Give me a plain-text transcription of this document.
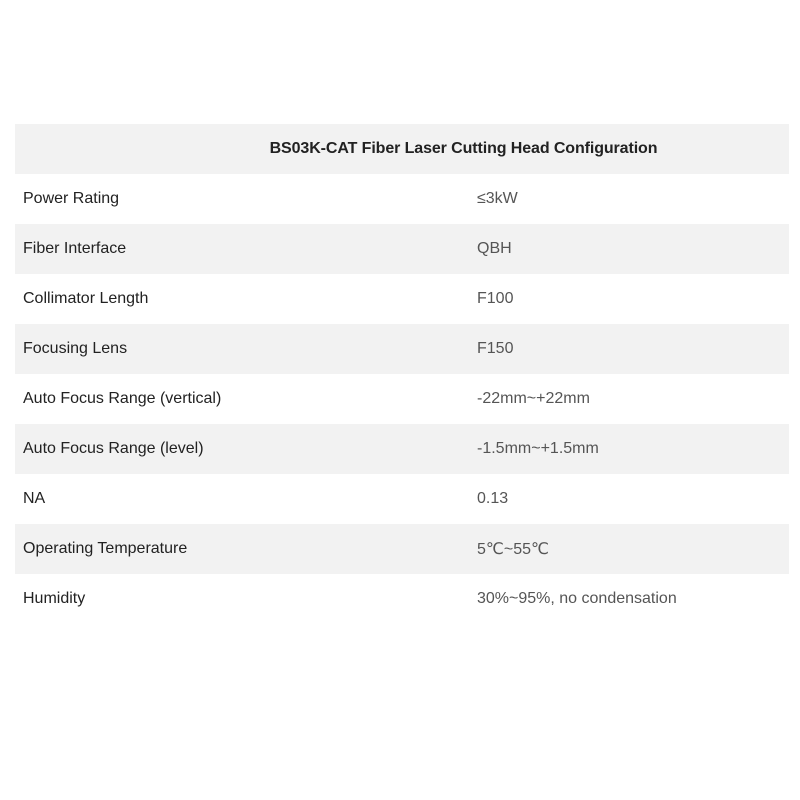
BS03K-CAT Fiber Laser Cutting Head Configuration
Power Rating	≤3kW
Fiber Interface	QBH
Collimator Length	F100
Focusing Lens	F150
Auto Focus Range (vertical)	-22mm~+22mm
Auto Focus Range (level)	-1.5mm~+1.5mm
NA	0.13
Operating Temperature	5℃~55℃
Humidity	30%~95%, no condensation
